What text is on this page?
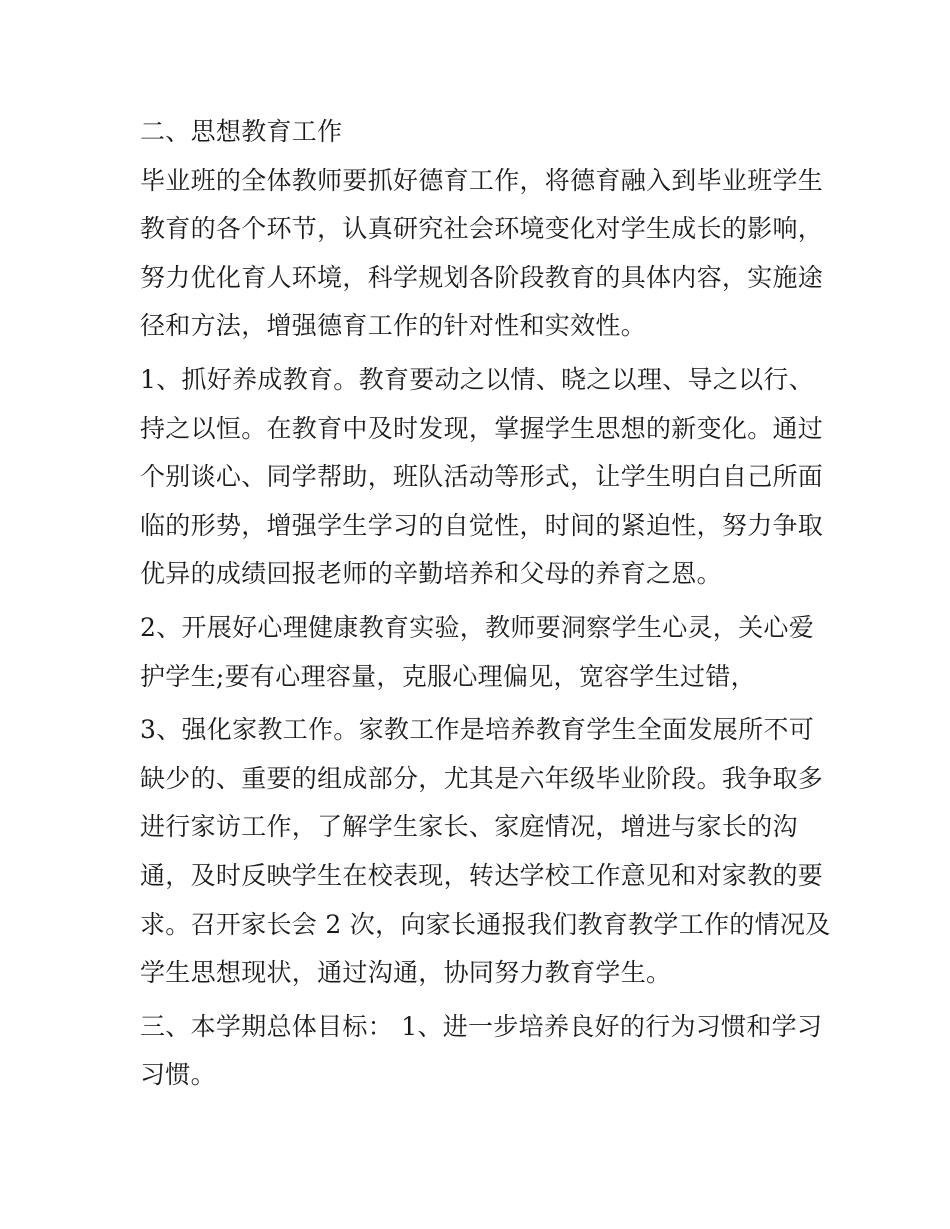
二、思想教育工作
毕业班的全体教师要抓好德育工作，将德育融入到毕业班学生
教育的各个环节，认真研究社会环境变化对学生成长的影响，
努力优化育人环境，科学规划各阶段教育的具体内容，实施途
径和方法，增强德育工作的针对性和实效性。
1、抓好养成教育。教育要动之以情、晓之以理、导之以行、
持之以恒。在教育中及时发现，掌握学生思想的新变化。通过
个别谈心、同学帮助，班队活动等形式，让学生明白自己所面
临的形势，增强学生学习的自觉性，时间的紧迫性，努力争取
优异的成绩回报老师的辛勤培养和父母的养育之恩。
2、开展好心理健康教育实验，教师要洞察学生心灵，关心爱
护学生;要有心理容量，克服心理偏见，宽容学生过错，
3、强化家教工作。家教工作是培养教育学生全面发展所不可
缺少的、重要的组成部分，尤其是六年级毕业阶段。我争取多
进行家访工作，了解学生家长、家庭情况，增进与家长的沟
通，及时反映学生在校表现，转达学校工作意见和对家教的要
求。召开家长会 2 次，向家长通报我们教育教学工作的情况及
学生思想现状，通过沟通，协同努力教育学生。
三、本学期总体目标： 1、进一步培养良好的行为习惯和学习
习惯。
